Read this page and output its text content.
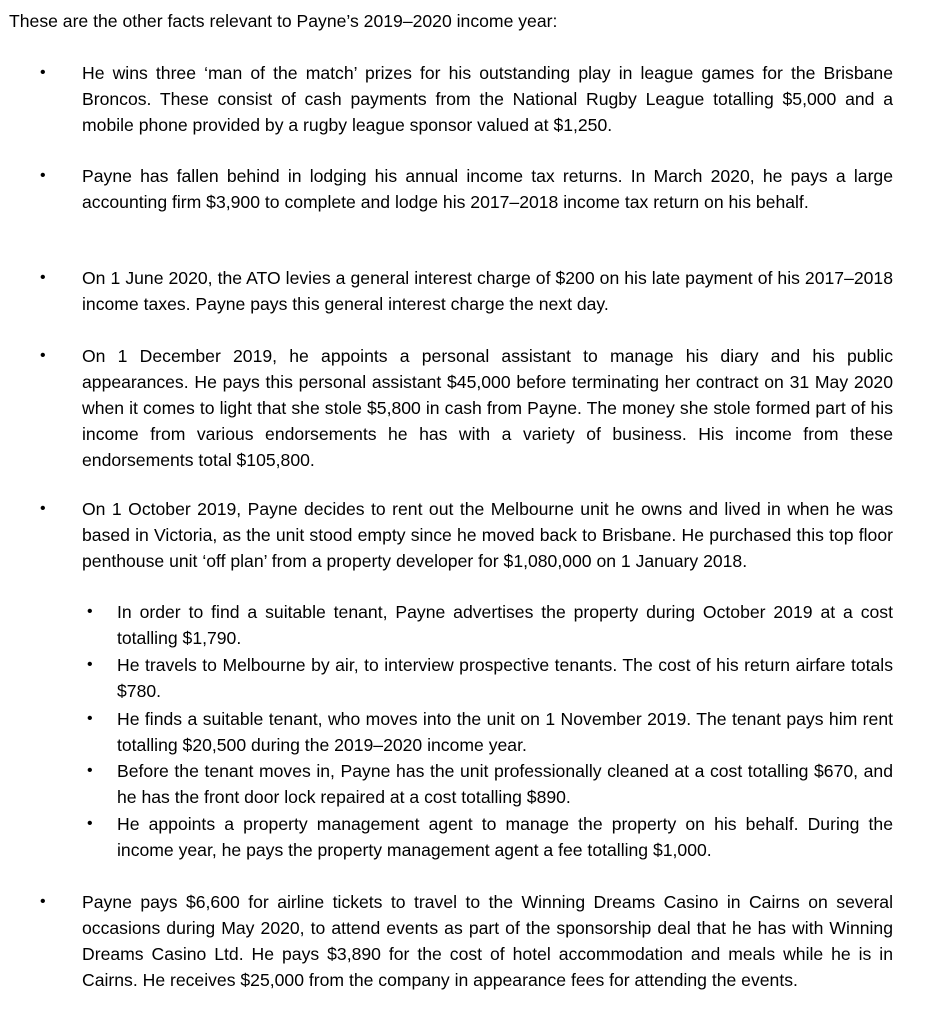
These are the other facts relevant to Payne’s 2019–2020 income year:

• He wins three ‘man of the match’ prizes for his outstanding play in league games for the Brisbane Broncos. These consist of cash payments from the National Rugby League totalling $5,000 and a mobile phone provided by a rugby league sponsor valued at $1,250.

• Payne has fallen behind in lodging his annual income tax returns. In March 2020, he pays a large accounting firm $3,900 to complete and lodge his 2017–2018 income tax return on his behalf.

• On 1 June 2020, the ATO levies a general interest charge of $200 on his late payment of his 2017–2018 income taxes. Payne pays this general interest charge the next day.

• On 1 December 2019, he appoints a personal assistant to manage his diary and his public appearances. He pays this personal assistant $45,000 before terminating her contract on 31 May 2020 when it comes to light that she stole $5,800 in cash from Payne. The money she stole formed part of his income from various endorsements he has with a variety of business. His income from these endorsements total $105,800.

• On 1 October 2019, Payne decides to rent out the Melbourne unit he owns and lived in when he was based in Victoria, as the unit stood empty since he moved back to Brisbane. He purchased this top floor penthouse unit ‘off plan’ from a property developer for $1,080,000 on 1 January 2018.

• In order to find a suitable tenant, Payne advertises the property during October 2019 at a cost totalling $1,790.

• He travels to Melbourne by air, to interview prospective tenants. The cost of his return airfare totals $780.

• He finds a suitable tenant, who moves into the unit on 1 November 2019. The tenant pays him rent totalling $20,500 during the 2019–2020 income year.

• Before the tenant moves in, Payne has the unit professionally cleaned at a cost totalling $670, and he has the front door lock repaired at a cost totalling $890.

• He appoints a property management agent to manage the property on his behalf. During the income year, he pays the property management agent a fee totalling $1,000.

• Payne pays $6,600 for airline tickets to travel to the Winning Dreams Casino in Cairns on several occasions during May 2020, to attend events as part of the sponsorship deal that he has with Winning Dreams Casino Ltd. He pays $3,890 for the cost of hotel accommodation and meals while he is in Cairns. He receives $25,000 from the company in appearance fees for attending the events.
